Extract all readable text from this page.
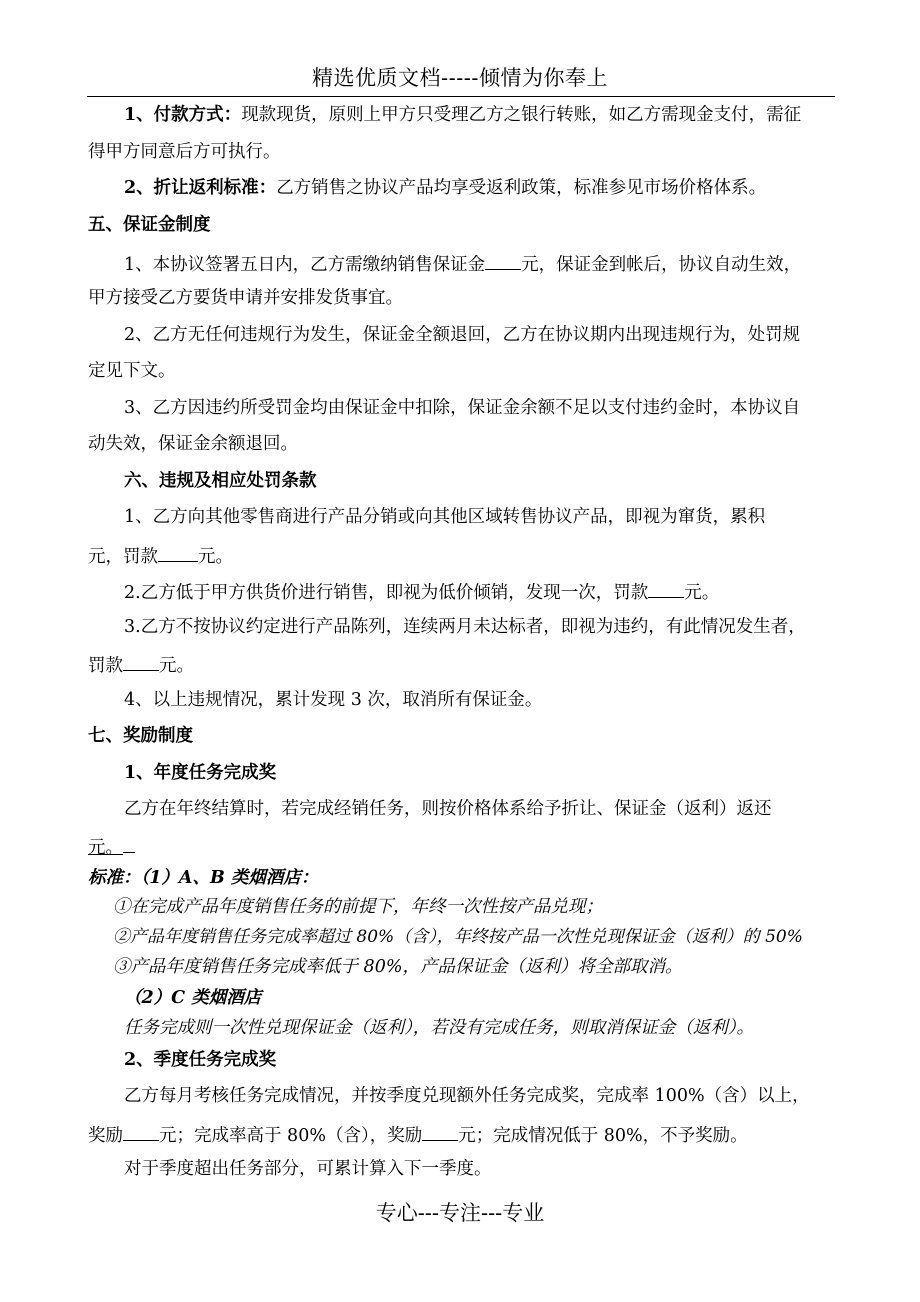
精选优质文档-----倾情为你奉上
1、付款方式：现款现货，原则上甲方只受理乙方之银行转账，如乙方需现金支付，需征
得甲方同意后方可执行。
2、折让返利标准：乙方销售之协议产品均享受返利政策，标准参见市场价格体系。
五、保证金制度
1、本协议签署五日内，乙方需缴纳销售保证金 元，保证金到帐后，协议自动生效，
甲方接受乙方要货申请并安排发货事宜。
2、乙方无任何违规行为发生，保证金全额退回，乙方在协议期内出现违规行为，处罚规
定见下文。
3、乙方因违约所受罚金均由保证金中扣除，保证金余额不足以支付违约金时，本协议自
动失效，保证金余额退回。
六、违规及相应处罚条款
1、乙方向其他零售商进行产品分销或向其他区域转售协议产品，即视为窜货，累积
元，罚款 元。
2.乙方低于甲方供货价进行销售，即视为低价倾销，发现一次，罚款 元。
3.乙方不按协议约定进行产品陈列，连续两月未达标者，即视为违约，有此情况发生者，
罚款 元。
4、以上违规情况，累计发现 3 次，取消所有保证金。
七、奖励制度
1、年度任务完成奖
乙方在年终结算时，若完成经销任务，则按价格体系给予折让、保证金（返利）返还
元。
标准：（1）A、B 类烟酒店：
①在完成产品年度销售任务的前提下，年终一次性按产品兑现；
②产品年度销售任务完成率超过 80%（含），年终按产品一次性兑现保证金（返利）的 50%
③产品年度销售任务完成率低于 80%，产品保证金（返利）将全部取消。
（2）C 类烟酒店
任务完成则一次性兑现保证金（返利），若没有完成任务，则取消保证金（返利）。
2、季度任务完成奖
乙方每月考核任务完成情况，并按季度兑现额外任务完成奖，完成率 100%（含）以上，
奖励 元；完成率高于 80%（含），奖励 元；完成情况低于 80%，不予奖励。
对于季度超出任务部分，可累计算入下一季度。
专心---专注---专业
